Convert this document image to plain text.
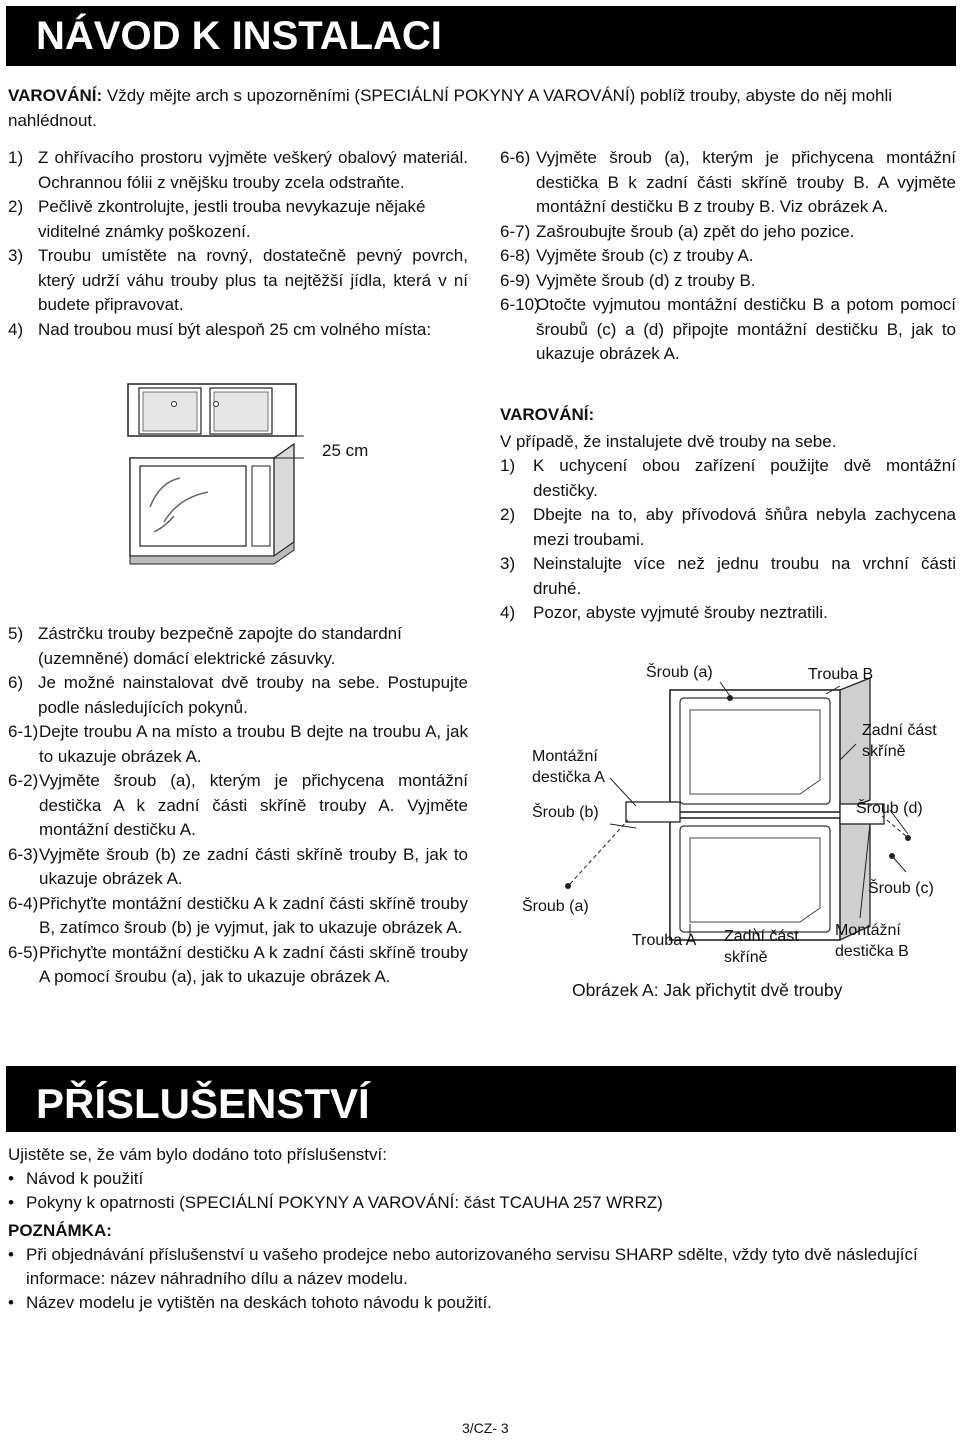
NÁVOD K INSTALACI
VAROVÁNÍ: Vždy mějte arch s upozorněními (SPECIÁLNÍ POKYNY A VAROVÁNÍ) poblíž trouby, abyste do něj mohli nahlédnout.

1) Z ohřívacího prostoru vyjměte veškerý obalový materiál. Ochrannou fólii z vnějšku trouby zcela odstraňte.

2) Pečlivě zkontrolujte, jestli trouba nevykazuje nějaké viditelné známky poškození.

3) Troubu umístěte na rovný, dostatečně pevný povrch, který udrží váhu trouby plus ta nejtěžší jídla, která v ní budete připravovat.

4) Nad troubou musí být alespoň 25 cm volného místa:

25 cm

5) Zástrčku trouby bezpečně zapojte do standardní (uzemněné) domácí elektrické zásuvky.

6) Je možné nainstalovat dvě trouby na sebe. Postupujte podle následujících pokynů.

6-1) Dejte troubu A na místo a troubu B dejte na troubu A, jak to ukazuje obrázek A.

6-2) Vyjměte šroub (a), kterým je přichycena montážní destička A k zadní části skříně trouby A. Vyjměte montážní destičku A.

6-3) Vyjměte šroub (b) ze zadní části skříně trouby B, jak to ukazuje obrázek A.

6-4) Přichyťte montážní destičku A k zadní části skříně trouby B, zatímco šroub (b) je vyjmut, jak to ukazuje obrázek A.

6-5) Přichyťte montážní destičku A k zadní části skříně trouby A pomocí šroubu (a), jak to ukazuje obrázek A.

6-6) Vyjměte šroub (a), kterým je přichycena montážní destička B k zadní části skříně trouby B. A vyjměte montážní destičku B z trouby B. Viz obrázek A.

6-7) Zašroubujte šroub (a) zpět do jeho pozice.

6-8) Vyjměte šroub (c) z trouby A.

6-9) Vyjměte šroub (d) z trouby B.

6-10)
Otočte vyjmutou montážní destičku B a potom pomocí šroubů (c) a (d) připojte montážní destičku B, jak to ukazuje obrázek A.

VAROVÁNÍ:
V případě, že instalujete dvě trouby na sebe.

1) K uchycení obou zařízení použijte dvě montážní destičky.

2) Dbejte na to, aby přívodová šňůra nebyla zachycena mezi troubami.

3) Neinstalujte více než jednu troubu na vrchní části druhé.

4) Pozor, abyste vyjmuté šrouby neztratili.

Šroub (a)	Trouba B
Zadní část
skříně
Montážní
destička A
Šroub (b)	Šroub (d)
Šroub (c)
Šroub (a)
Trouba A Zadní část
skříně
Montážní
destička B
Obrázek A: Jak přichytit dvě trouby
PŘÍSLUŠENSTVÍ
Ujistěte se, že vám bylo dodáno toto příslušenství:
• Návod k použití
• Pokyny k opatrnosti (SPECIÁLNÍ POKYNY A VAROVÁNÍ: část TCAUHA 257 WRRZ)
POZNÁMKA:
• Při objednávání příslušenství u vašeho prodejce nebo autorizovaného servisu SHARP sdělte, vždy tyto dvě následující informace: název náhradního dílu a název modelu.
• Název modelu je vytištěn na deskách tohoto návodu k použití.
3/CZ- 3
